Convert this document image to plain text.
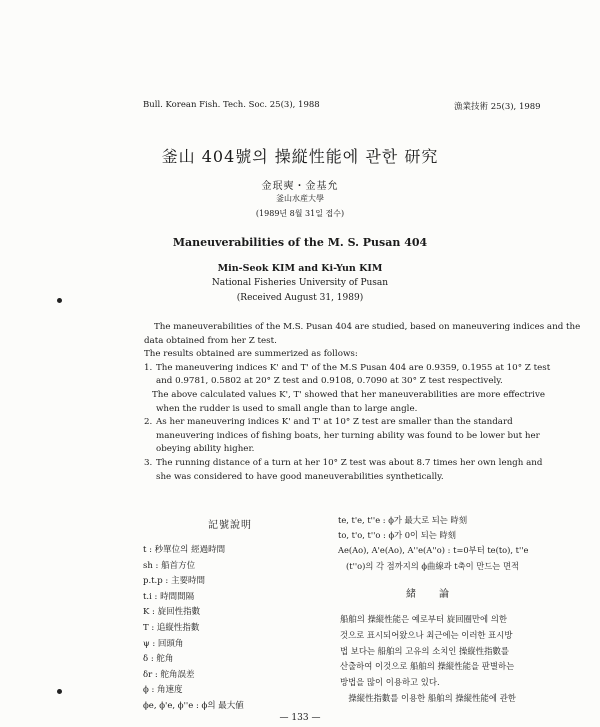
Bull. Korean Fish. Tech. Soc. 25(3), 1988	漁業技術 25(3), 1989
釜山 404號의 操縦性能에 관한 研究
金珉奭・金基允
釜山水産大學
(1989년 8월 31일 접수)
Maneuverabilities of the M. S. Pusan 404
Min-Seok KIM and Ki-Yun KIM
National Fisheries University of Pusan
(Received August 31, 1989)
The maneuverabilities of the M.S. Pusan 404 are studied, based on maneuvering indices and the
data obtained from her Z test.
The results obtained are summerized as follows:
1. The maneuvering indices K' and T' of the M.S Pusan 404 are 0.9359, 0.1955 at 10° Z test
and 0.9781, 0.5802 at 20° Z test and 0.9108, 0.7090 at 30° Z test respectively.
The above calculated values K', T' showed that her maneuverabilities are more effectrive
when the rudder is used to small angle than to large angle.
2. As her maneuvering indices K' and T' at 10° Z test are smaller than the standard
maneuvering indices of fishing boats, her turning ability was found to be lower but her
obeying ability higher.
3. The running distance of a turn at her 10° Z test was about 8.7 times her own lengh and
she was considered to have good maneuverabilities synthetically.
記號說明
t : 秒單位의 經過時間
sh : 船首方位
p.t.p : 主要時間
t.i : 時間間隔
K : 旋回性指數
T : 追縦性指數
ψ : 回頭角
δ : 舵角
δr : 舵角誤差
ϕ : 角速度
ϕe, ϕ'e, ϕ''e : ϕ의 最大値
te, t'e, t''e : ϕ가 最大로 되는 時刻
to, t'o, t''o : ϕ가 0이 되는 時刻
Ae(Ao), A'e(Ao), A''e(A''o) : t=0부터 te(to), t''e
(t''o)의 각 점까지의 ϕ曲線과 t축이 만드는 면적
緒　　論
船舶의 操縦性能은 예로부터 旋回圈만에 의한
것으로 표시되어왔으나 최근에는 이러한 표시방
법 보다는 船舶의 고유의 소치인 操縦性指數를
산출하여 이것으로 船舶의 操縦性能을 판별하는
방법을 많이 이용하고 있다.
　操縦性指數를 이용한 船舶의 操縦性能에 관한
— 133 —
